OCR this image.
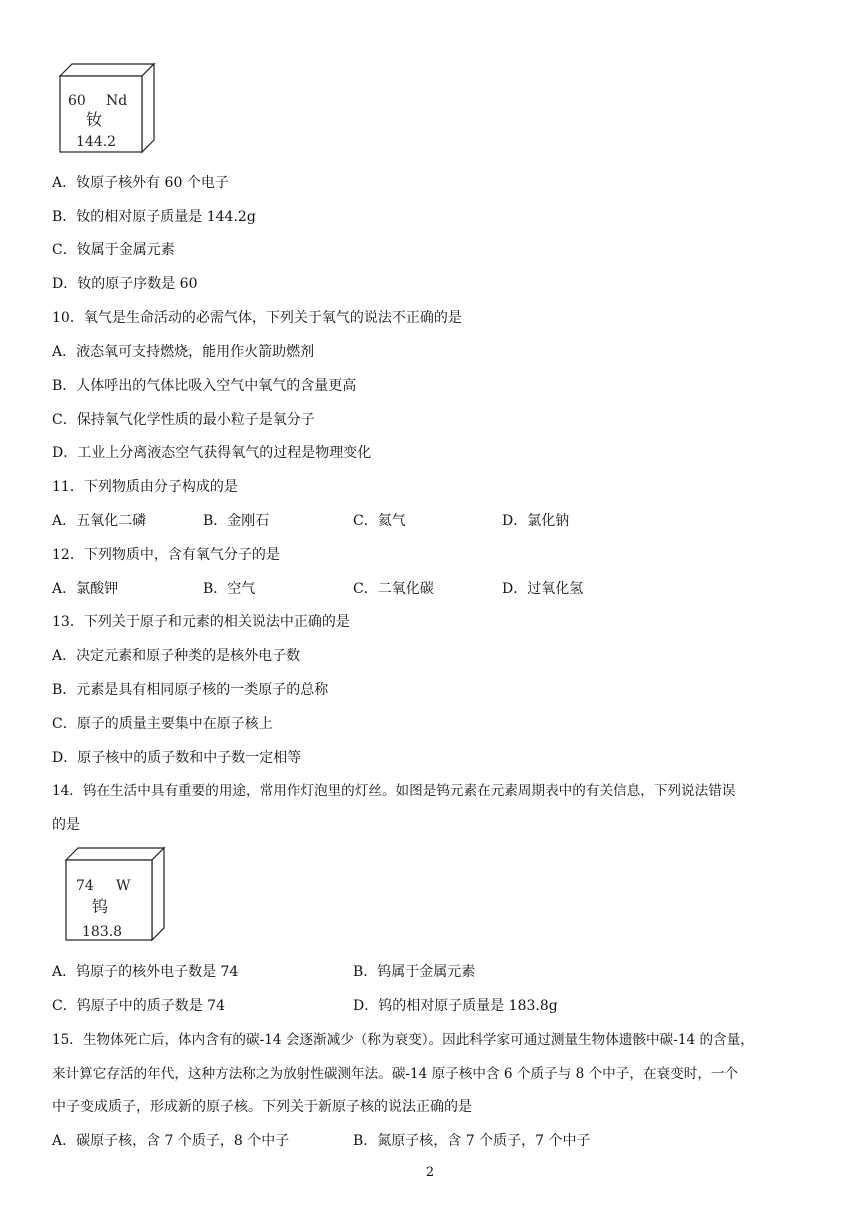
60 Nd
钕
144.2
A．钕原子核外有 60 个电子
B．钕的相对原子质量是 144.2g
C．钕属于金属元素
D．钕的原子序数是 60
10．氧气是生命活动的必需气体，下列关于氧气的说法不正确的是
A．液态氧可支持燃烧，能用作火箭助燃剂
B．人体呼出的气体比吸入空气中氧气的含量更高
C．保持氧气化学性质的最小粒子是氧分子
D．工业上分离液态空气获得氧气的过程是物理变化
11．下列物质由分子构成的是
A．五氧化二磷	B．金刚石	C．氦气	D．氯化钠
12．下列物质中，含有氧气分子的是
A．氯酸钾	B．空气	C．二氧化碳	D．过氧化氢
13．下列关于原子和元素的相关说法中正确的是
A．决定元素和原子种类的是核外电子数
B．元素是具有相同原子核的一类原子的总称
C．原子的质量主要集中在原子核上
D．原子核中的质子数和中子数一定相等
14．钨在生活中具有重要的用途，常用作灯泡里的灯丝。如图是钨元素在元素周期表中的有关信息，下列说法错误
的是
74 W
钨
183.8
A．钨原子的核外电子数是 74	B．钨属于金属元素
C．钨原子中的质子数是 74	D．钨的相对原子质量是 183.8g
15．生物体死亡后，体内含有的碳-14 会逐渐减少（称为衰变）。因此科学家可通过测量生物体遗骸中碳-14 的含量，
来计算它存活的年代，这种方法称之为放射性碳测年法。碳-14 原子核中含 6 个质子与 8 个中子，在衰变时，一个
中子变成质子，形成新的原子核。下列关于新原子核的说法正确的是
A．碳原子核，含 7 个质子，8 个中子	B．氮原子核，含 7 个质子，7 个中子
2
